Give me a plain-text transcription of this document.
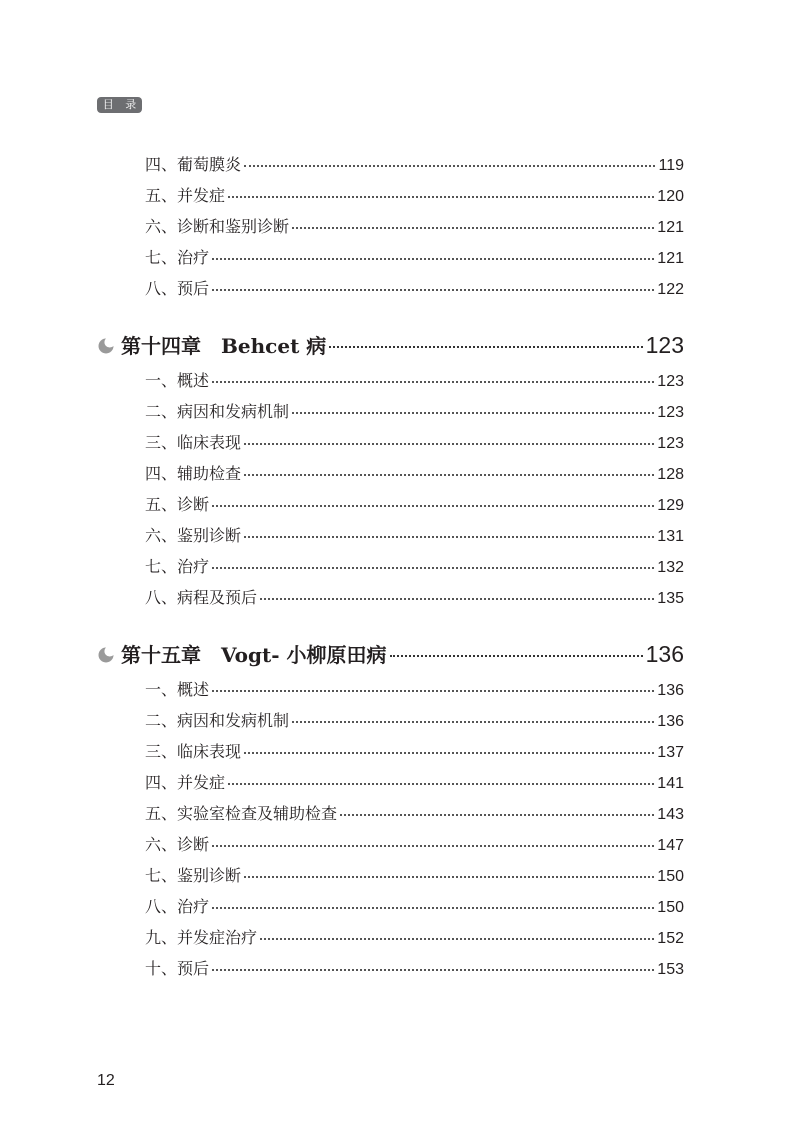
目 录
四、葡萄膜炎	119
五、并发症	120
六、诊断和鉴别诊断	121
七、治疗	121
八、预后	122
第十四章 Behcet 病	123
一、概述	123
二、病因和发病机制	123
三、临床表现	123
四、辅助检查	128
五、诊断	129
六、鉴别诊断	131
七、治疗	132
八、病程及预后	135
第十五章 Vogt- 小柳原田病	136
一、概述	136
二、病因和发病机制	136
三、临床表现	137
四、并发症	141
五、实验室检查及辅助检查	143
六、诊断	147
七、鉴别诊断	150
八、治疗	150
九、并发症治疗	152
十、预后	153
12
